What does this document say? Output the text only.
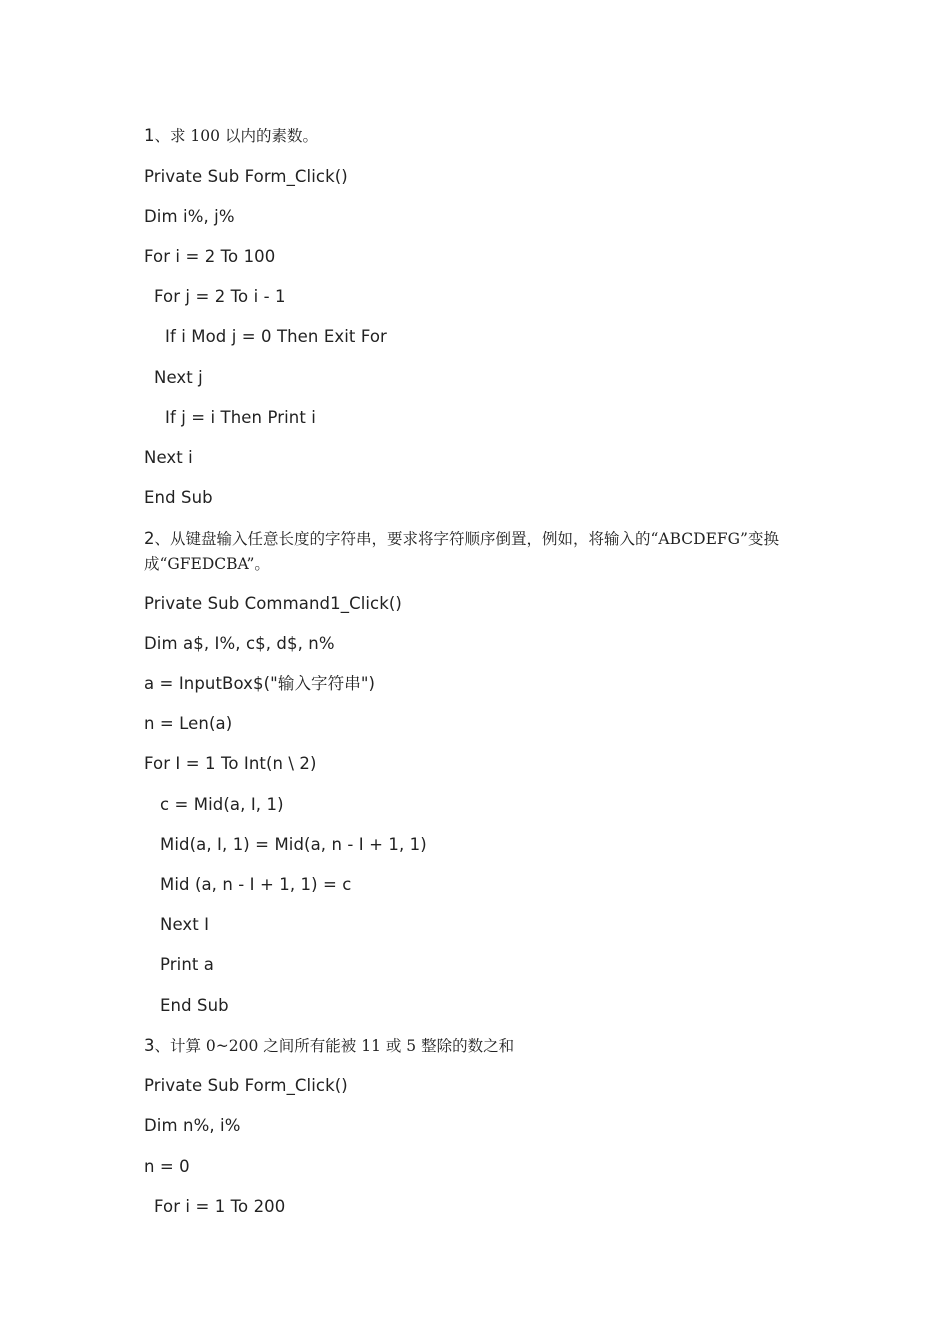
1、求 100 以内的素数。
Private Sub Form_Click()
Dim i%, j%
For i = 2 To 100
For j = 2 To i - 1
If i Mod j = 0 Then Exit For
Next j
If j = i Then Print i
Next i
End Sub
2、从键盘输入任意长度的字符串，要求将字符顺序倒置，例如，将输入的“ABCDEFG”变换成“GFEDCBA”。
Private Sub Command1_Click()
Dim a$, I%, c$, d$, n%
a = InputBox$("输入字符串")
n = Len(a)
For I = 1 To Int(n \ 2)
c = Mid(a, I, 1)
Mid(a, I, 1) = Mid(a, n - I + 1, 1)
Mid (a, n - I + 1, 1) = c
Next I
Print a
End Sub
3、计算 0~200 之间所有能被 11 或 5 整除的数之和
Private Sub Form_Click()
Dim n%, i%
n = 0
For i = 1 To 200
